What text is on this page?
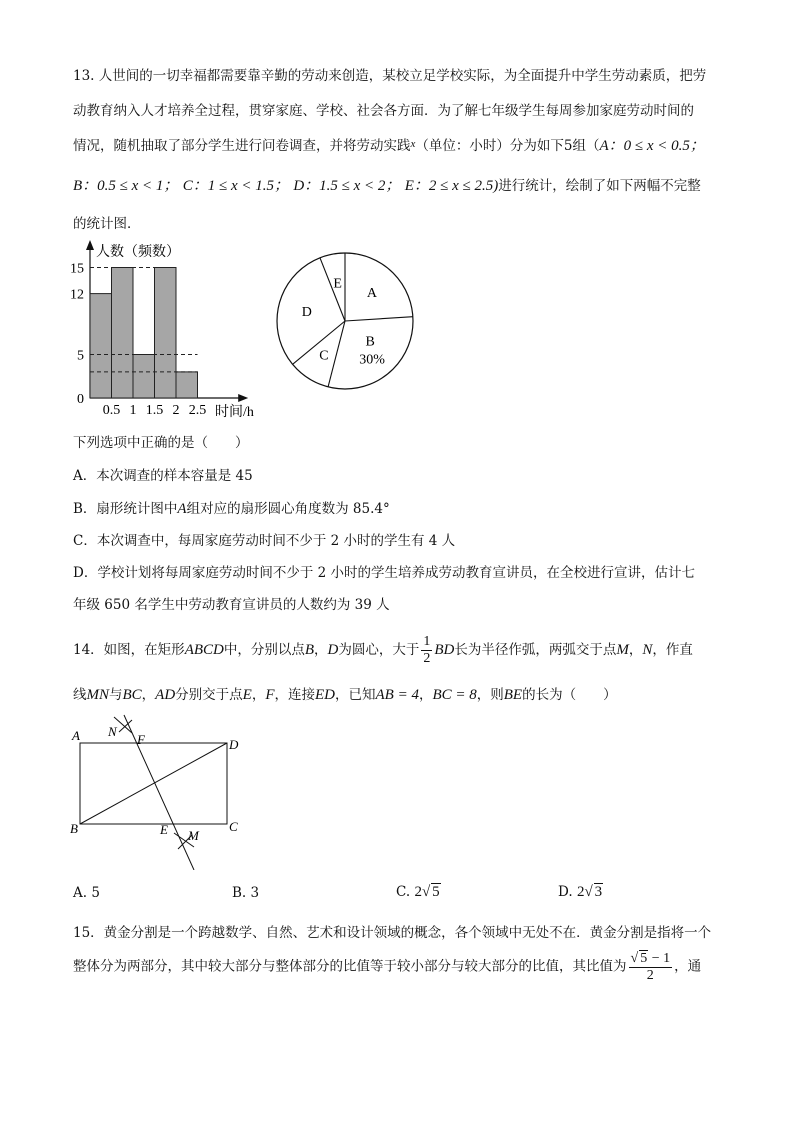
13. 人世间的一切幸福都需要靠辛勤的劳动来创造，某校立足学校实际，为全面提升中学生劳动素质，把劳
动教育纳入人才培养全过程，贯穿家庭、学校、社会各方面．为了解七年级学生每周参加家庭劳动时间的
情况，随机抽取了部分学生进行问卷调查，并将劳动实践$^x$（单位：小时）分为如下5组（A：0 ≤ x < 0.5；
B：0.5 ≤ x < 1； C：1 ≤ x < 1.5； D：1.5 ≤ x < 2； E：2 ≤ x ≤ 2.5)进行统计，绘制了如下两幅不完整
的统计图．
0
5
12
15
0.5 1 1.5 2 2.5
人数（频数）
时间/h
A
B
30%
C
D
E
下列选项中正确的是（　　）
A．本次调查的样本容量是 45
B．扇形统计图中A组对应的扇形圆心角度数为 85.4°
C．本次调查中，每周家庭劳动时间不少于 2 小时的学生有 4 人
D．学校计划将每周家庭劳动时间不少于 2 小时的学生培养成劳动教育宣讲员，在全校进行宣讲，估计七
年级 650 名学生中劳动教育宣讲员的人数约为 39 人
14．如图，在矩形ABCD中，分别以点B，D为圆心，大于 $\frac{1}{2}$ BD长为半径作弧，两弧交于点M，N，作直
线MN与BC，AD分别交于点E，F，连接ED，已知AB = 4，BC = 8，则BE的长为（　　）
A N
F	D
B	E	C
M
A. 5	B. 3	C. 2√ 5	D. 2√ 3
15．黄金分割是一个跨越数学、自然、艺术和设计领域的概念，各个领域中无处不在．黄金分割是指将一个
整体分为两部分，其中较大部分与整体部分的比值等于较小部分与较大部分的比值，其比值为 $\frac{√ 5 - 1}{2}$ ，通
